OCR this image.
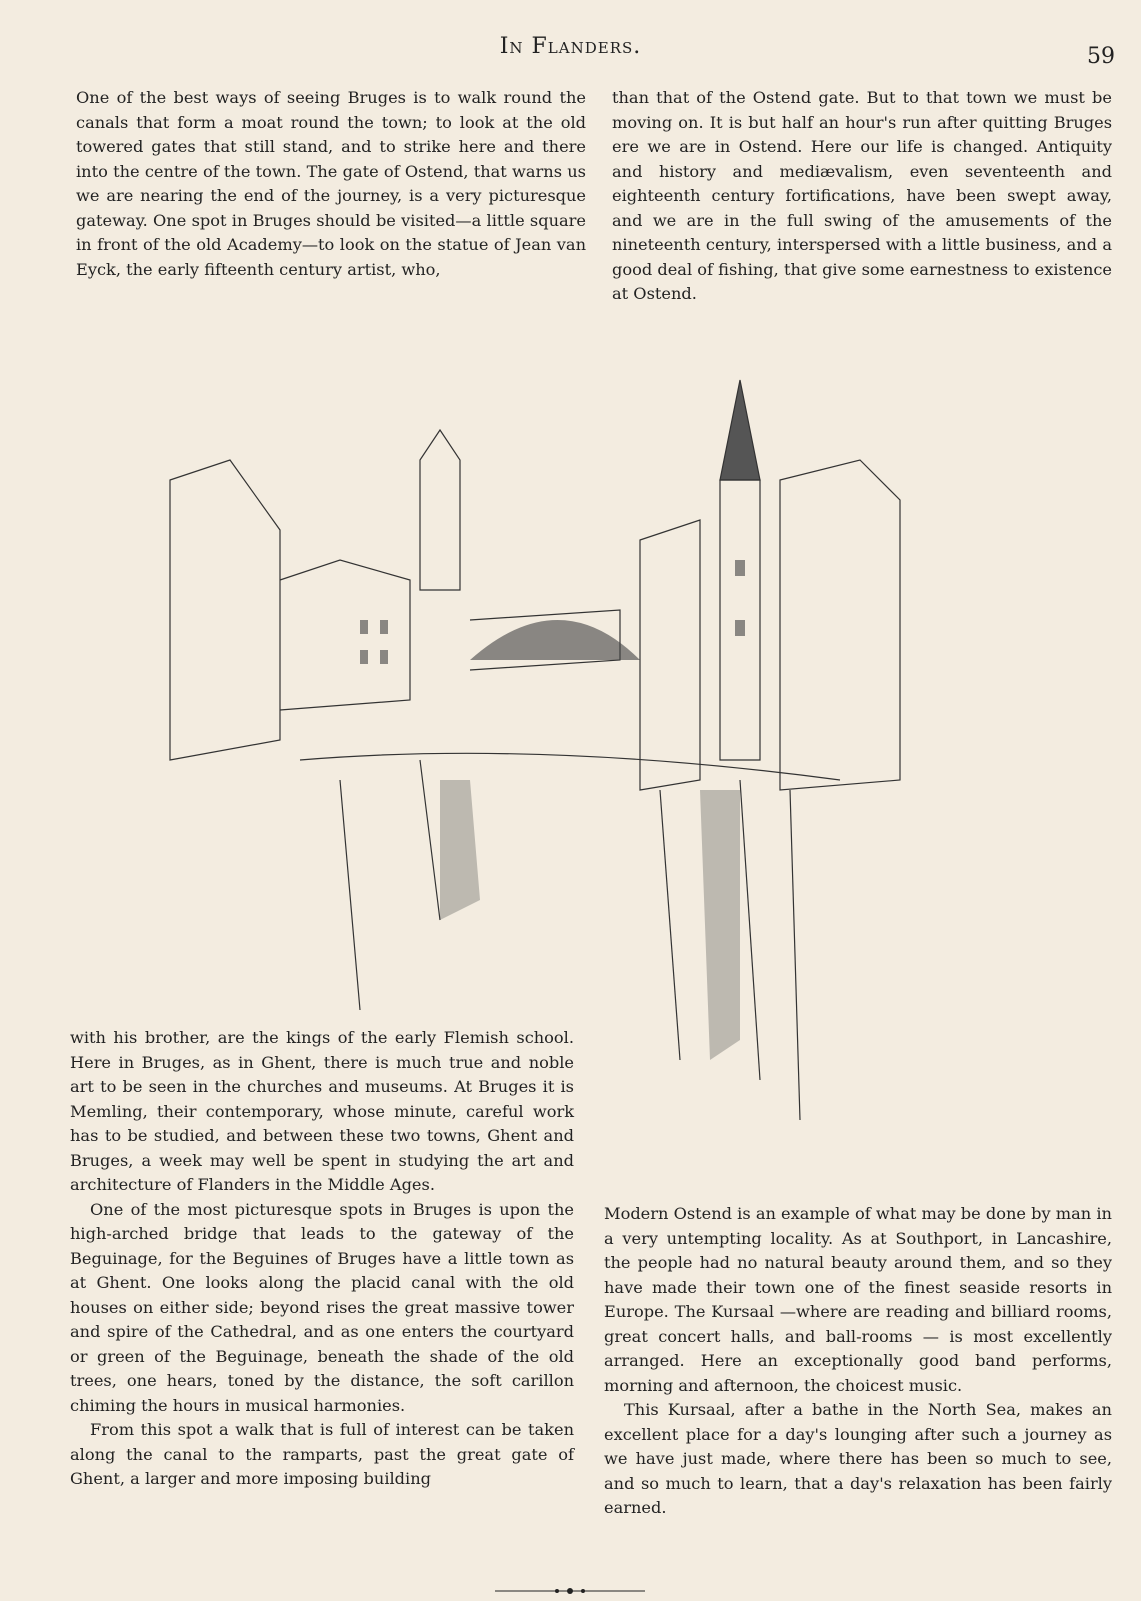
In Flanders.	59

One of the best ways of seeing Bruges is to walk round the canals that form a moat round the town; to look at the old towered gates that still stand, and to strike here and there into the centre of the town. The gate of Ostend, that warns us we are nearing the end of the journey, is a very picturesque gateway. One spot in Bruges should be visited—a little square in front of the old Academy—to look on the statue of Jean van Eyck, the early fifteenth century artist, who,

than that of the Ostend gate. But to that town we must be moving on. It is but half an hour's run after quitting Bruges ere we are in Ostend. Here our life is changed. Antiquity and history and mediævalism, even seventeenth and eighteenth century fortifications, have been swept away, and we are in the full swing of the amusements of the nineteenth century, interspersed with a little business, and a good deal of fishing, that give some earnestness to existence at Ostend.

with his brother, are the kings of the early Flemish school. Here in Bruges, as in Ghent, there is much true and noble art to be seen in the churches and museums. At Bruges it is Memling, their contemporary, whose minute, careful work has to be studied, and between these two towns, Ghent and Bruges, a week may well be spent in studying the art and architecture of Flanders in the Middle Ages.

One of the most picturesque spots in Bruges is upon the high-arched bridge that leads to the gateway of the Beguinage, for the Beguines of Bruges have a little town as at Ghent. One looks along the placid canal with the old houses on either side; beyond rises the great massive tower and spire of the Cathedral, and as one enters the courtyard or green of the Beguinage, beneath the shade of the old trees, one hears, toned by the distance, the soft carillon chiming the hours in musical harmonies.

From this spot a walk that is full of interest can be taken along the canal to the ramparts, past the great gate of Ghent, a larger and more imposing building

Modern Ostend is an example of what may be done by man in a very untempting locality. As at Southport, in Lancashire, the people had no natural beauty around them, and so they have made their town one of the finest seaside resorts in Europe. The Kursaal —where are reading and billiard rooms, great concert halls, and ball-rooms — is most excellently arranged. Here an exceptionally good band performs, morning and afternoon, the choicest music.

This Kursaal, after a bathe in the North Sea, makes an excellent place for a day's lounging after such a journey as we have just made, where there has been so much to see, and so much to learn, that a day's relaxation has been fairly earned.
